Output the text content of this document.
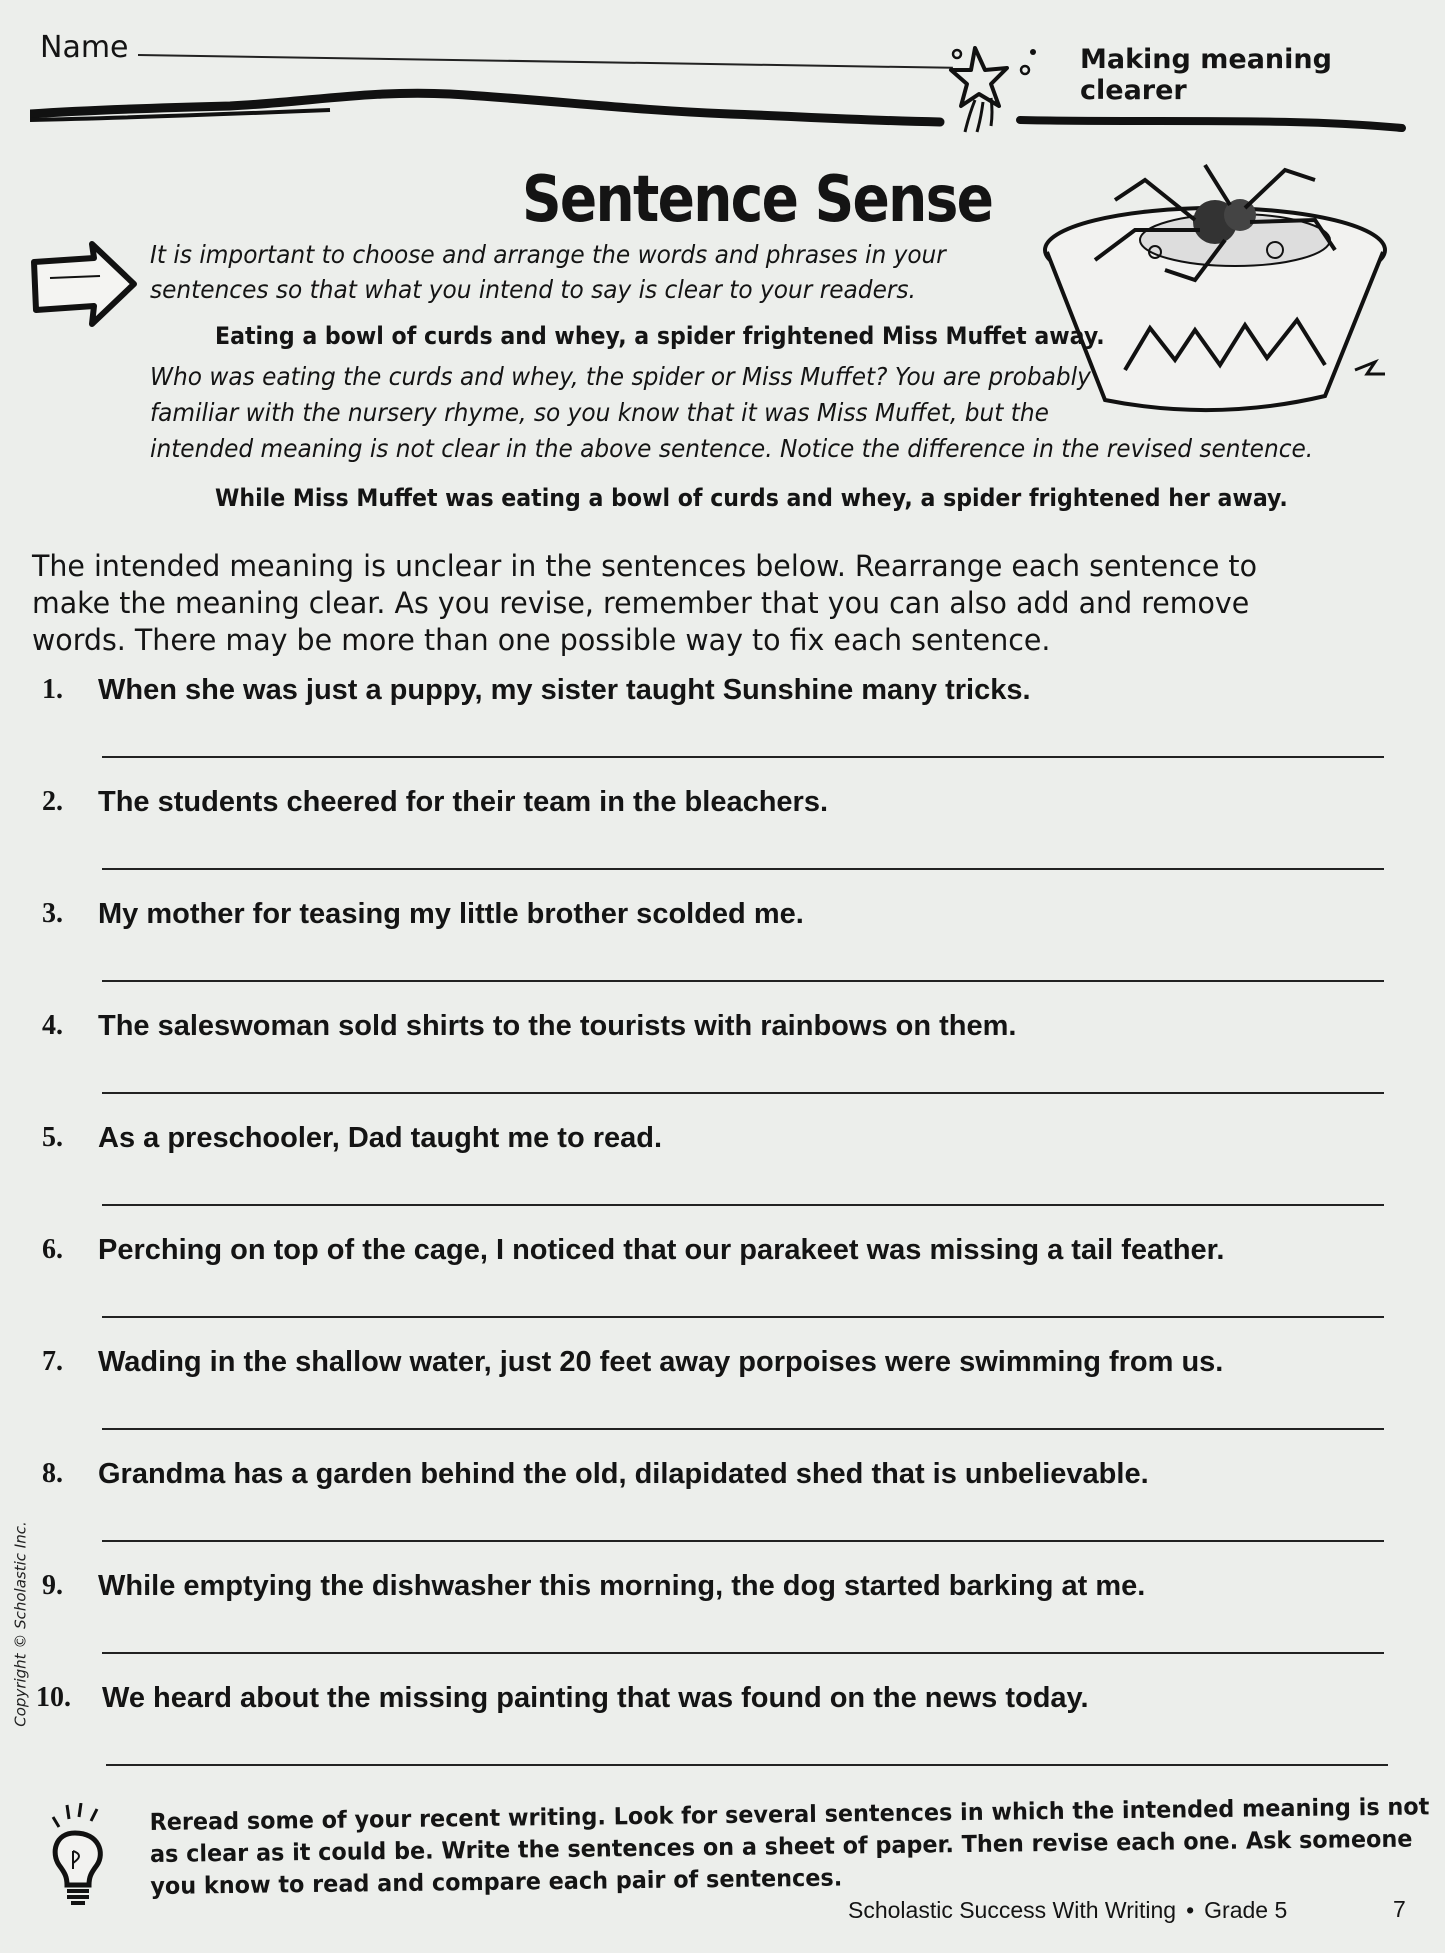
Name	Making meaning clearer
Sentence Sense
It is important to choose and arrange the words and phrases in your
sentences so that what you intend to say is clear to your readers.
Eating a bowl of curds and whey, a spider frightened Miss Muffet away.
Who was eating the curds and whey, the spider or Miss Muffet? You are probably
familiar with the nursery rhyme, so you know that it was Miss Muffet, but the
intended meaning is not clear in the above sentence. Notice the difference in the revised sentence.
While Miss Muffet was eating a bowl of curds and whey, a spider frightened her away.
The intended meaning is unclear in the sentences below. Rearrange each sentence to
make the meaning clear. As you revise, remember that you can also add and remove
words. There may be more than one possible way to fix each sentence.
1. When she was just a puppy, my sister taught Sunshine many tricks.
2. The students cheered for their team in the bleachers.
3. My mother for teasing my little brother scolded me.
4. The saleswoman sold shirts to the tourists with rainbows on them.
5. As a preschooler, Dad taught me to read.
6. Perching on top of the cage, I noticed that our parakeet was missing a tail feather.
7. Wading in the shallow water, just 20 feet away porpoises were swimming from us.
8. Grandma has a garden behind the old, dilapidated shed that is unbelievable.
9. While emptying the dishwasher this morning, the dog started barking at me.
10. We heard about the missing painting that was found on the news today.
Copyright © Scholastic Inc.
Reread some of your recent writing. Look for several sentences in which the intended meaning is not
as clear as it could be. Write the sentences on a sheet of paper. Then revise each one. Ask someone
you know to read and compare each pair of sentences.
Scholastic Success With Writing • Grade 5	7
